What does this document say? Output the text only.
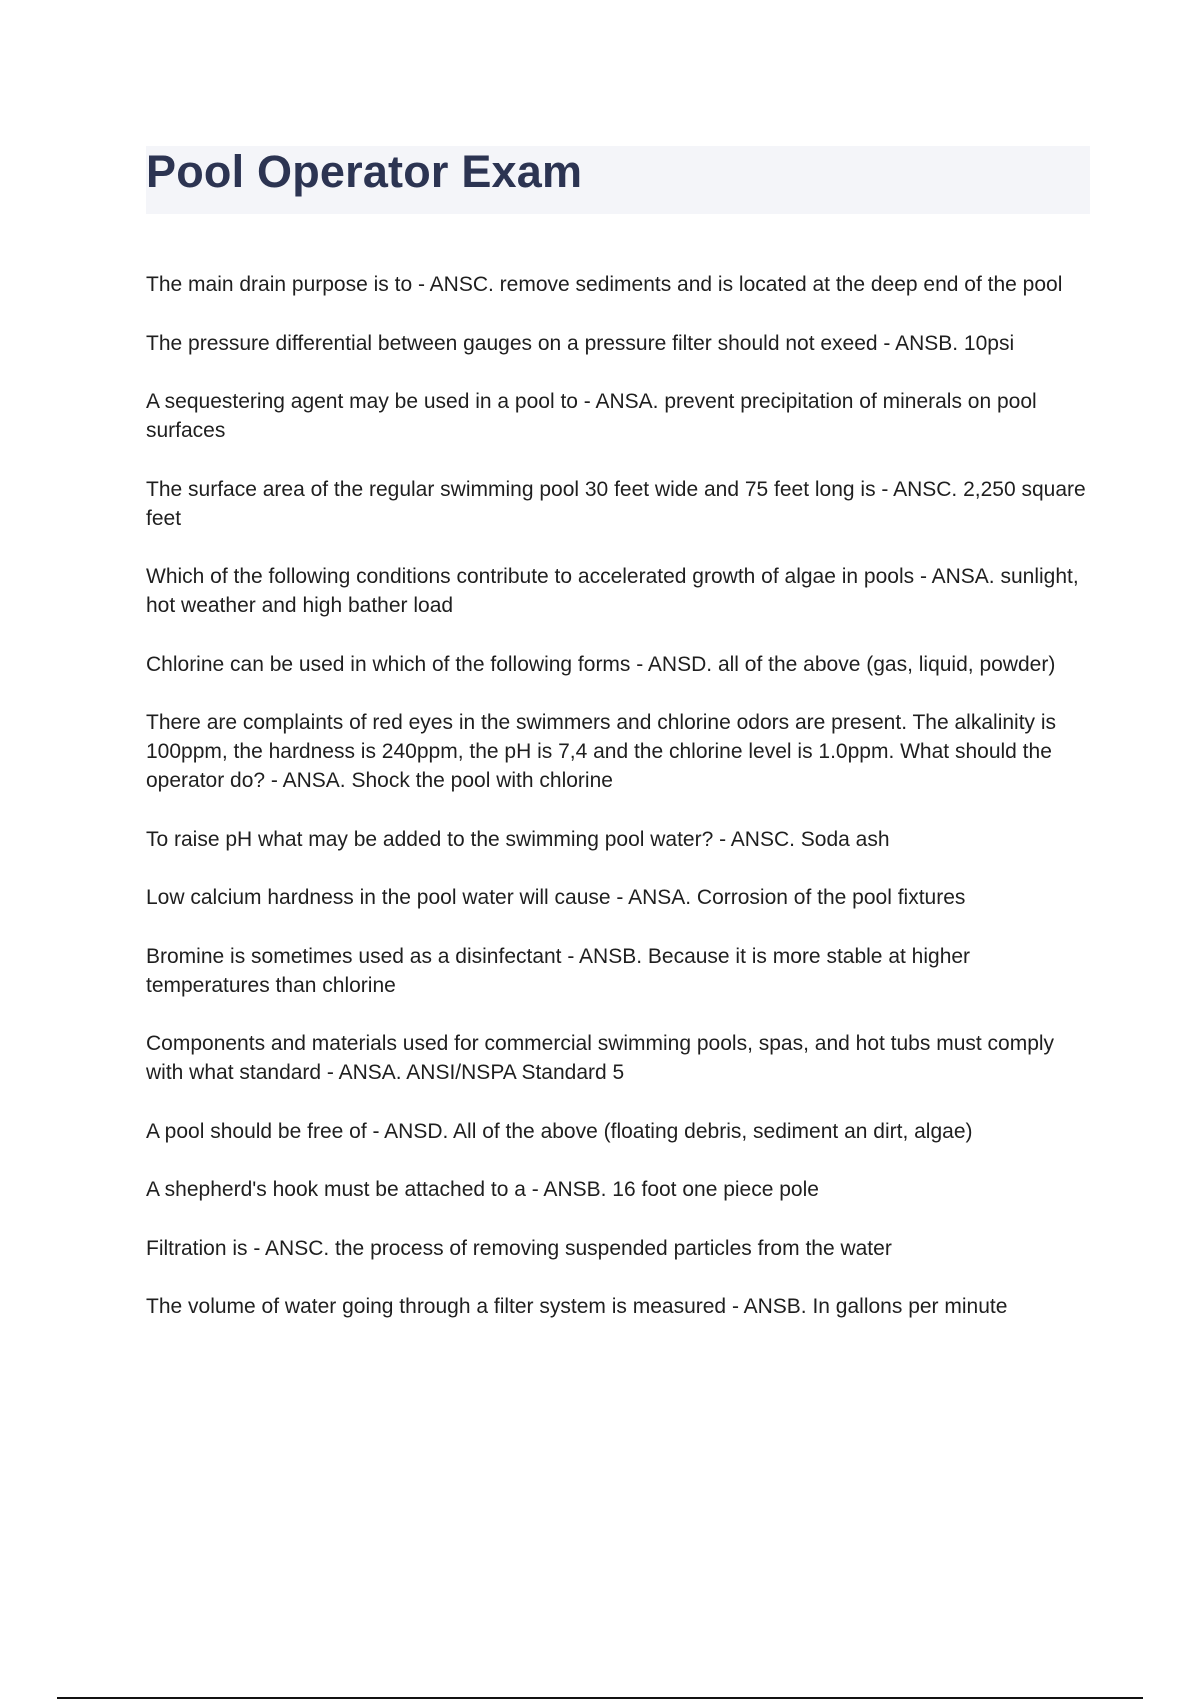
Pool Operator Exam
The main drain purpose is to - ANSC. remove sediments and is located at the deep end of the pool
The pressure differential between gauges on a pressure filter should not exeed - ANSB. 10psi
A sequestering agent may be used in a pool to - ANSA. prevent precipitation of minerals on pool surfaces
The surface area of the regular swimming pool 30 feet wide and 75 feet long is - ANSC. 2,250 square feet
Which of the following conditions contribute to accelerated growth of algae in pools - ANSA. sunlight, hot weather and high bather load
Chlorine can be used in which of the following forms - ANSD. all of the above (gas, liquid, powder)
There are complaints of red eyes in the swimmers and chlorine odors are present. The alkalinity is 100ppm, the hardness is 240ppm, the pH is 7,4 and the chlorine level is 1.0ppm. What should the operator do? - ANSA. Shock the pool with chlorine
To raise pH what may be added to the swimming pool water? - ANSC. Soda ash
Low calcium hardness in the pool water will cause - ANSA. Corrosion of the pool fixtures
Bromine is sometimes used as a disinfectant - ANSB. Because it is more stable at higher temperatures than chlorine
Components and materials used for commercial swimming pools, spas, and hot tubs must comply with what standard - ANSA. ANSI/NSPA Standard 5
A pool should be free of - ANSD. All of the above (floating debris, sediment an dirt, algae)
A shepherd's hook must be attached to a - ANSB. 16 foot one piece pole
Filtration is - ANSC. the process of removing suspended particles from the water
The volume of water going through a filter system is measured - ANSB. In gallons per minute
